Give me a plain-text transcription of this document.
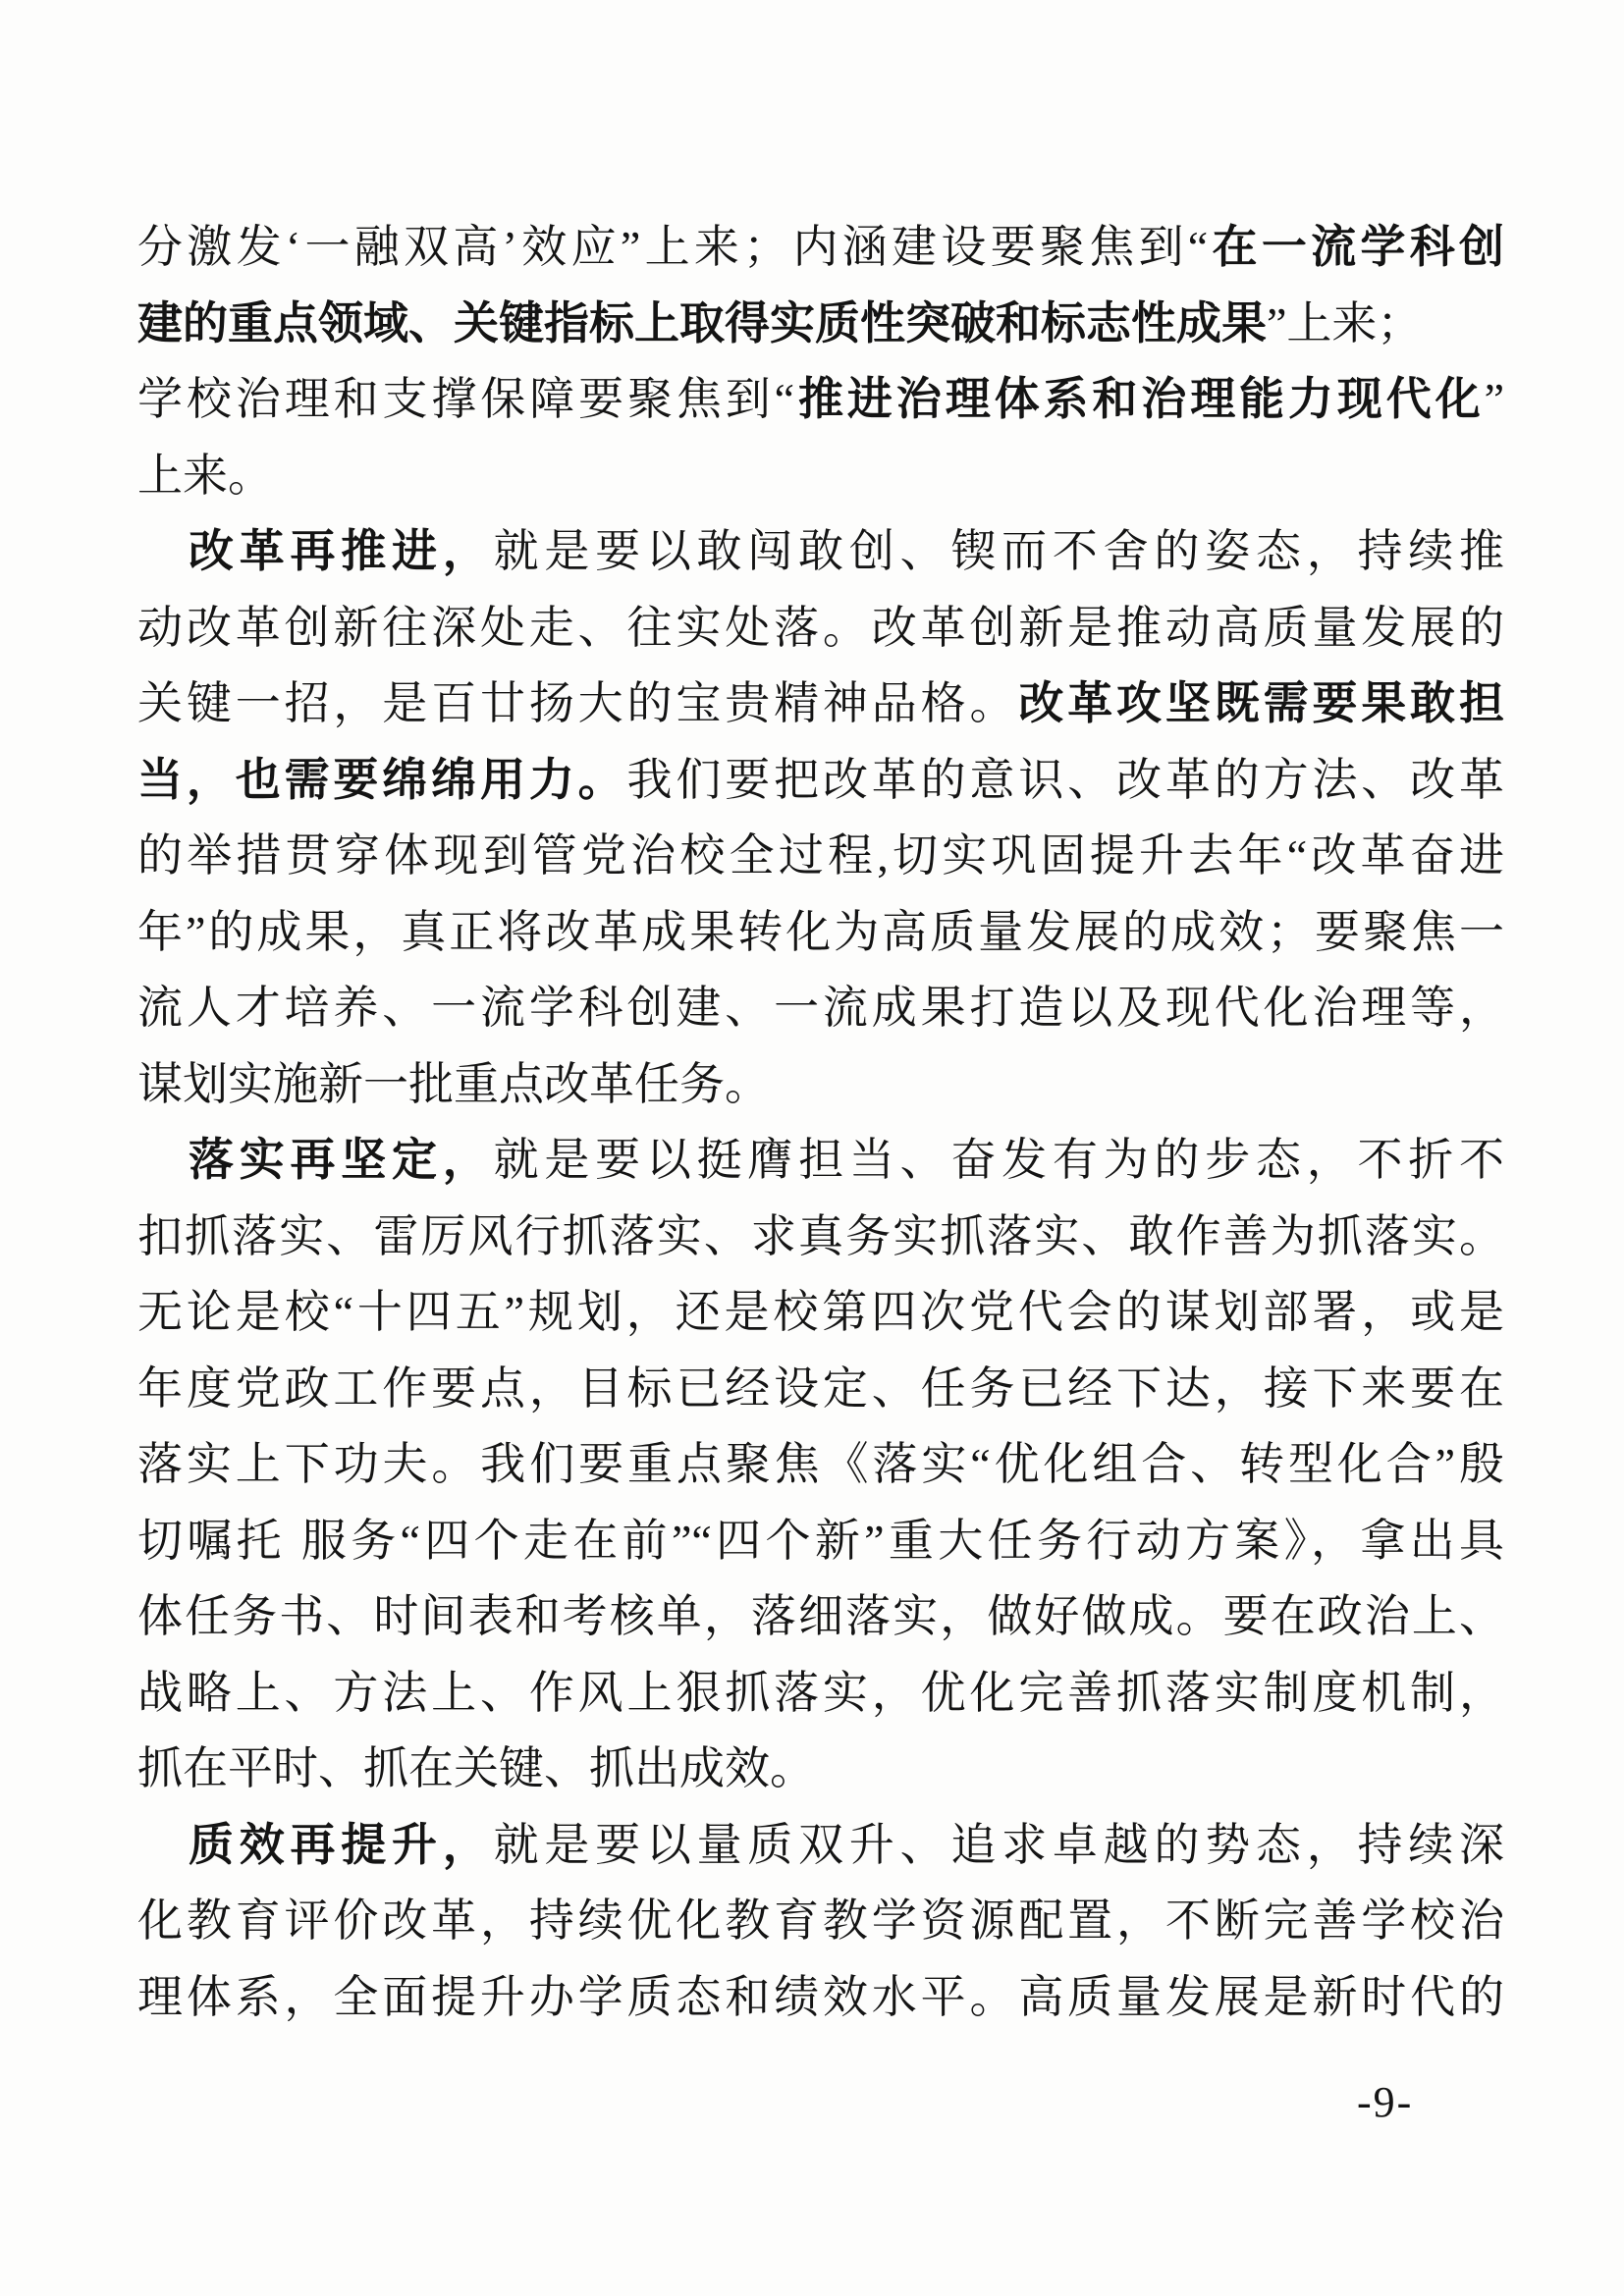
分激发‘一融双高’效应”上来；内涵建设要聚焦到“在一流学科创
建的重点领域、关键指标上取得实质性突破和标志性成果”上来；
学校治理和支撑保障要聚焦到“推进治理体系和治理能力现代化”
上来。
改革再推进，就是要以敢闯敢创、锲而不舍的姿态，持续推
动改革创新往深处走、往实处落。改革创新是推动高质量发展的
关键一招，是百廿扬大的宝贵精神品格。改革攻坚既需要果敢担
当，也需要绵绵用力。我们要把改革的意识、改革的方法、改革
的举措贯穿体现到管党治校全过程,切实巩固提升去年“改革奋进
年”的成果，真正将改革成果转化为高质量发展的成效；要聚焦一
流人才培养、一流学科创建、一流成果打造以及现代化治理等，
谋划实施新一批重点改革任务。
落实再坚定，就是要以挺膺担当、奋发有为的步态，不折不
扣抓落实、雷厉风行抓落实、求真务实抓落实、敢作善为抓落实。
无论是校“十四五”规划，还是校第四次党代会的谋划部署，或是
年度党政工作要点，目标已经设定、任务已经下达，接下来要在
落实上下功夫。我们要重点聚焦《落实“优化组合、转型化合”殷
切嘱托 服务“四个走在前”“四个新”重大任务行动方案》，拿出具
体任务书、时间表和考核单，落细落实，做好做成。要在政治上、
战略上、方法上、作风上狠抓落实，优化完善抓落实制度机制，
抓在平时、抓在关键、抓出成效。
质效再提升，就是要以量质双升、追求卓越的势态，持续深
化教育评价改革，持续优化教育教学资源配置，不断完善学校治
理体系，全面提升办学质态和绩效水平。高质量发展是新时代的
-9-
